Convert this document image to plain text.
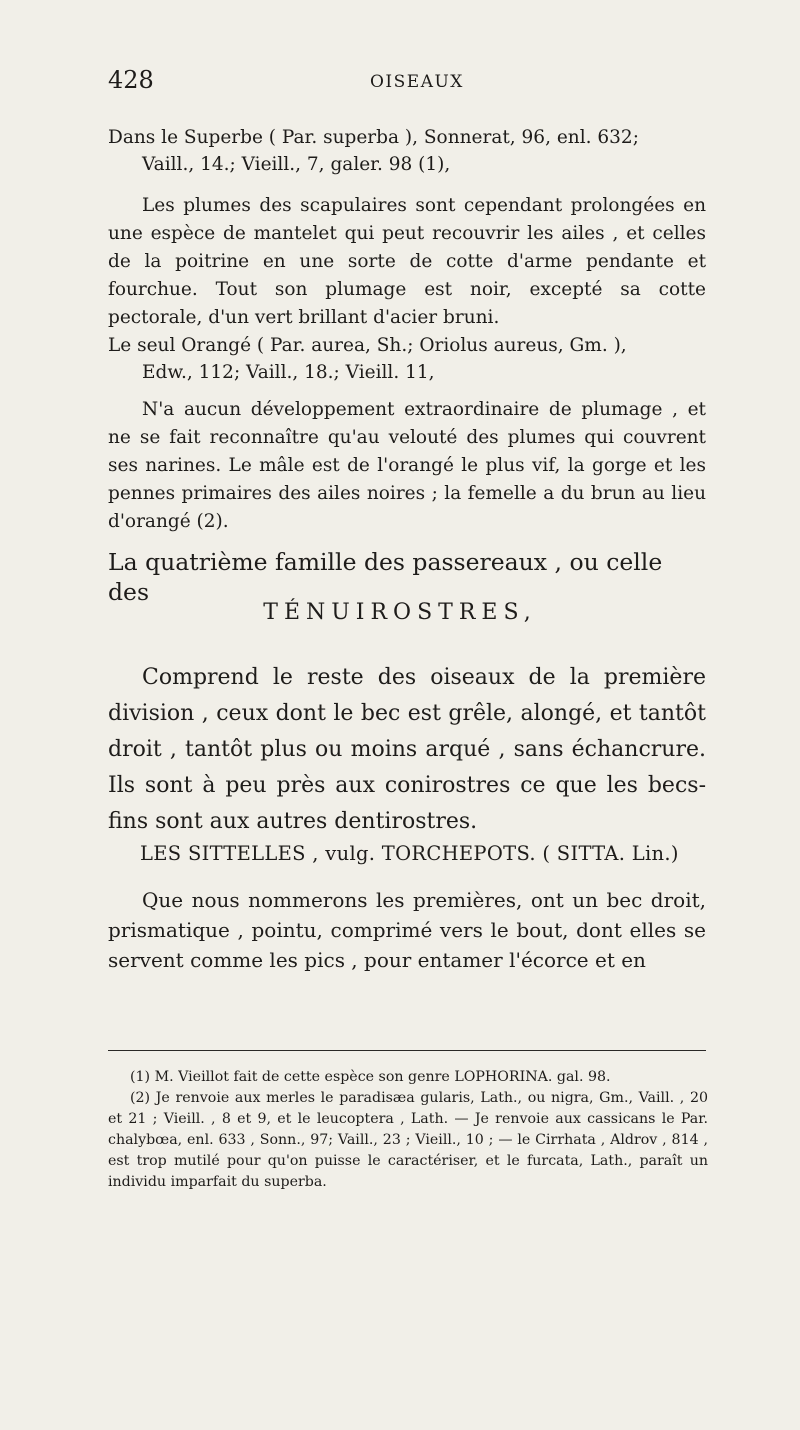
428	OISEAUX

Dans le Superbe ( Par. superba ), Sonnerat, 96, enl. 632;
Vaill., 14.; Vieill., 7, galer. 98 (1),

Les plumes des scapulaires sont cependant prolongées en une espèce de mantelet qui peut recouvrir les ailes , et celles de la poitrine en une sorte de cotte d'arme pendante et fourchue. Tout son plumage est noir, excepté sa cotte pectorale, d'un vert brillant d'acier bruni.

Le seul Orangé ( Par. aurea, Sh.; Oriolus aureus, Gm. ),
Edw., 112; Vaill., 18.; Vieill. 11,

N'a aucun développement extraordinaire de plumage , et ne se fait reconnaître qu'au velouté des plumes qui couvrent ses narines. Le mâle est de l'orangé le plus vif, la gorge et les pennes primaires des ailes noires ; la femelle a du brun au lieu d'orangé (2).

La quatrième famille des passereaux , ou celle des
TÉNUIROSTRES,

Comprend le reste des oiseaux de la première division , ceux dont le bec est grêle, alongé, et tantôt droit , tantôt plus ou moins arqué , sans échancrure. Ils sont à peu près aux conirostres ce que les becs-fins sont aux autres dentirostres.

LES SITTELLES , vulg. TORCHEPOTS. ( SITTA. Lin.)

Que nous nommerons les premières, ont un bec droit, prismatique , pointu, comprimé vers le bout, dont elles se servent comme les pics , pour entamer l'écorce et en

(1) M. Vieillot fait de cette espèce son genre LOPHORINA. gal. 98.

(2) Je renvoie aux merles le paradisæa gularis, Lath., ou nigra, Gm., Vaill. , 20 et 21 ; Vieill. , 8 et 9, et le leucoptera , Lath. — Je renvoie aux cassicans le Par. chalybœa, enl. 633 , Sonn., 97; Vaill., 23 ; Vieill., 10 ; — le Cirrhata , Aldrov , 814 , est trop mutilé pour qu'on puisse le caractériser, et le furcata, Lath., paraît un individu imparfait du superba.
